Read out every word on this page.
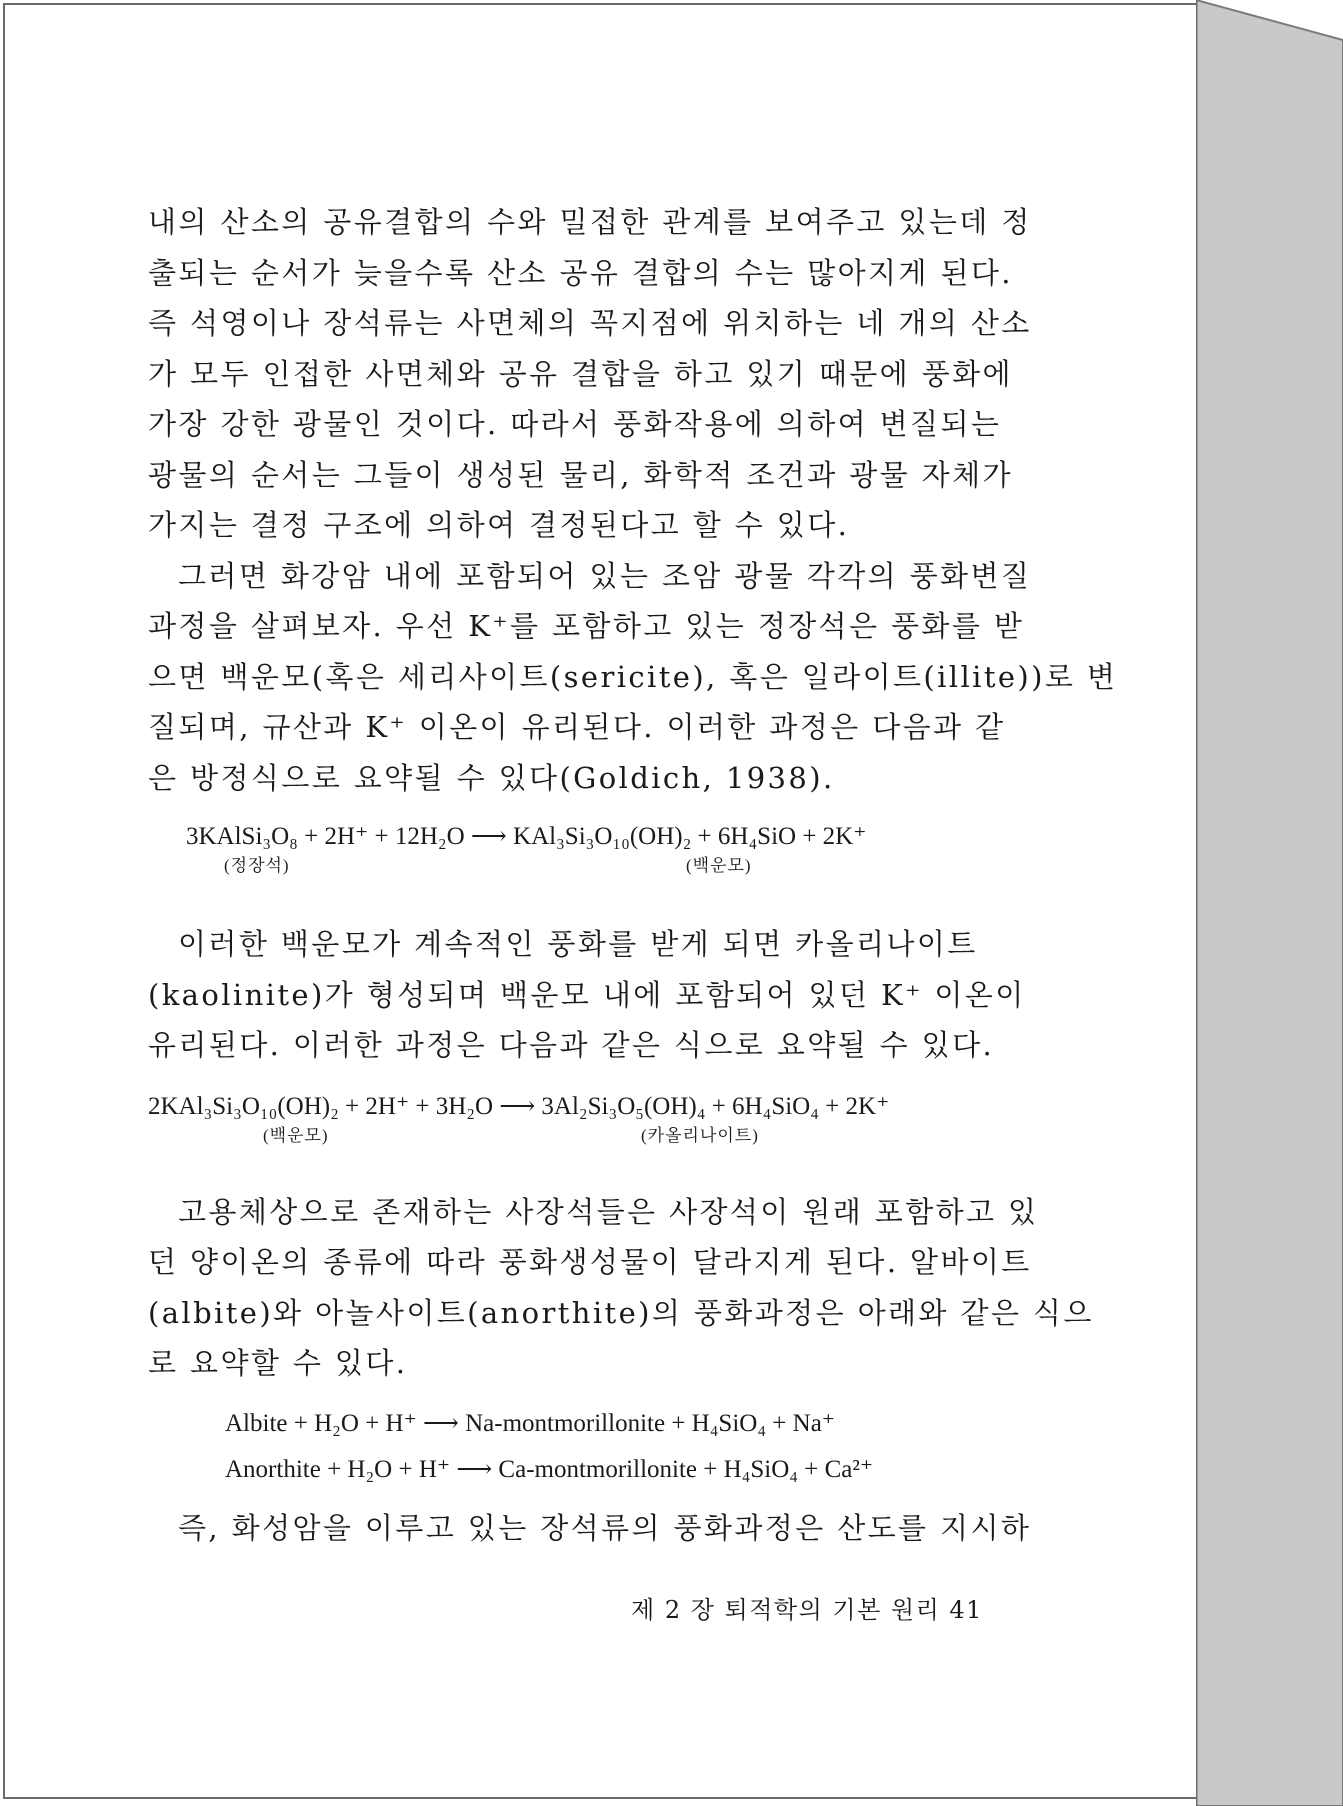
내의 산소의 공유결합의 수와 밀접한 관계를 보여주고 있는데 정
출되는 순서가 늦을수록 산소 공유 결합의 수는 많아지게 된다.
즉 석영이나 장석류는 사면체의 꼭지점에 위치하는 네 개의 산소
가 모두 인접한 사면체와 공유 결합을 하고 있기 때문에 풍화에
가장 강한 광물인 것이다. 따라서 풍화작용에 의하여 변질되는
광물의 순서는 그들이 생성된 물리, 화학적 조건과 광물 자체가
가지는 결정 구조에 의하여 결정된다고 할 수 있다.

그러면 화강암 내에 포함되어 있는 조암 광물 각각의 풍화변질
과정을 살펴보자. 우선 K⁺를 포함하고 있는 정장석은 풍화를 받
으면 백운모(혹은 세리사이트(sericite), 혹은 일라이트(illite))로 변
질되며, 규산과 K⁺ 이온이 유리된다. 이러한 과정은 다음과 같
은 방정식으로 요약될 수 있다(Goldich, 1938).

3KAlSi₃O₈ + 2H⁺ + 12H₂O ⟶ KAl₃Si₃O₁₀(OH)₂ + 6H₄SiO + 2K⁺
(정장석)	(백운모)

이러한 백운모가 계속적인 풍화를 받게 되면 카올리나이트
(kaolinite)가 형성되며 백운모 내에 포함되어 있던 K⁺ 이온이
유리된다. 이러한 과정은 다음과 같은 식으로 요약될 수 있다.

2KAl₃Si₃O₁₀(OH)₂ + 2H⁺ + 3H₂O ⟶ 3Al₂Si₃O₅(OH)₄ + 6H₄SiO₄ + 2K⁺
(백운모)	(카올리나이트)

고용체상으로 존재하는 사장석들은 사장석이 원래 포함하고 있
던 양이온의 종류에 따라 풍화생성물이 달라지게 된다. 알바이트
(albite)와 아놀사이트(anorthite)의 풍화과정은 아래와 같은 식으
로 요약할 수 있다.

Albite + H₂O + H⁺ ⟶ Na-montmorillonite + H₄SiO₄ + Na⁺
Anorthite + H₂O + H⁺ ⟶ Ca-montmorillonite + H₄SiO₄ + Ca²⁺

즉, 화성암을 이루고 있는 장석류의 풍화과정은 산도를 지시하

제 2 장 퇴적학의 기본 원리 41
